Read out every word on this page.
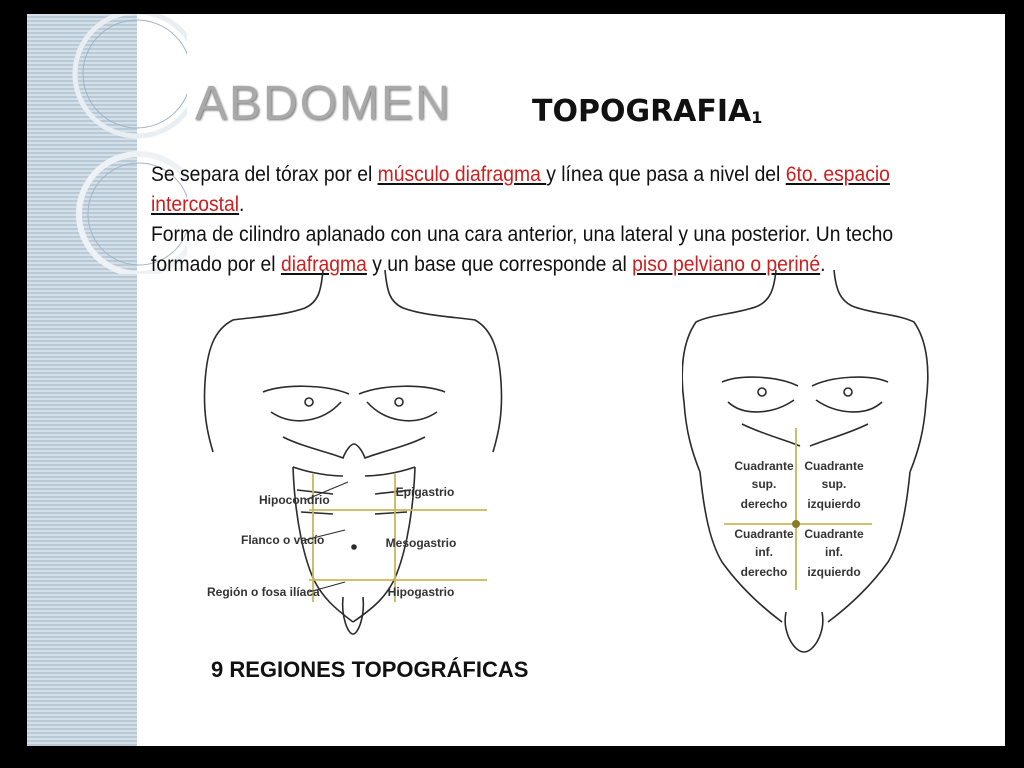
ABDOMEN	$TOPOGRAFIA_1$

Se separa del tórax por el músculo diafragma y línea que pasa a nivel del 6to. espacio intercostal.

Forma de cilindro aplanado con una cara anterior, una lateral y una posterior. Un techo formado por el diafragma y un base que corresponde al piso pelviano o periné.

Hipocondrio
Flanco o vacío
Región o fosa ilíaca
Epigastrio
Mesogastrio
Hipogastrio
Cuadrante
sup.
derecho
Cuadrante
sup.
izquierdo
Cuadrante
inf.
derecho
Cuadrante
inf.
izquierdo

9 REGIONES TOPOGRÁFICAS
